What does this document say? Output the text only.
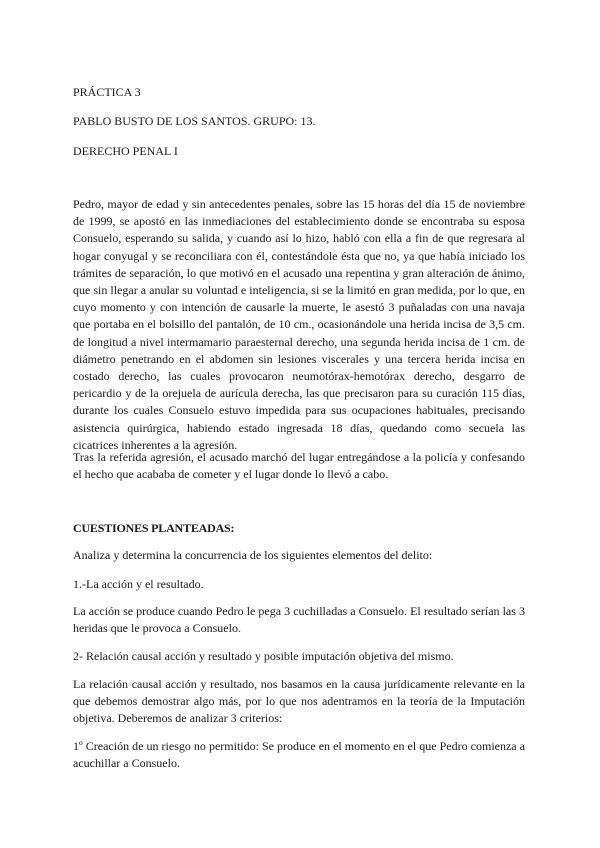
PRÁCTICA 3
PABLO BUSTO DE LOS SANTOS. GRUPO: 13.
DERECHO PENAL I

Pedro, mayor de edad y sin antecedentes penales, sobre las 15 horas del día 15 de noviembre de 1999, se apostó en las inmediaciones del establecimiento donde se encontraba su esposa Consuelo, esperando su salida, y cuando así lo hizo, habló con ella a fin de que regresara al hogar conyugal y se reconciliara con él, contestándole ésta que no, ya que había iniciado los trámites de separación, lo que motivó en el acusado una repentina y gran alteración de ánimo, que sin llegar a anular su voluntad e inteligencia, si se la limitó en gran medida, por lo que, en cuyo momento y con intención de causarle la muerte, le asestó 3 puñaladas con una navaja que portaba en el bolsillo del pantalón, de 10 cm., ocasionándole una herida incisa de 3,5 cm. de longitud a nivel intermamario paraesternal derecho, una segunda herida incisa de 1 cm. de diámetro penetrando en el abdomen sin lesiones viscerales y una tercera herida incisa en costado derecho, las cuales provocaron neumotórax-hemotórax derecho, desgarro de pericardio y de la orejuela de aurícula derecha, las que precisaron para su curación 115 días, durante los cuales Consuelo estuvo impedida para sus ocupaciones habituales, precisando asistencia quirúrgica, habiendo estado ingresada 18 días, quedando como secuela las cicatrices inherentes a la agresión.

Tras la referida agresión, el acusado marchó del lugar entregándose a la policía y confesando el hecho que acababa de cometer y el lugar donde lo llevó a cabo.

CUESTIONES PLANTEADAS:
Analiza y determina la concurrencia de los siguientes elementos del delito:
1.-La acción y el resultado.

La acción se produce cuando Pedro le pega 3 cuchilladas a Consuelo. El resultado serían las 3 heridas que le provoca a Consuelo.

2- Relación causal acción y resultado y posible imputación objetiva del mismo.

La relación causal acción y resultado, nos basamos en la causa jurídicamente relevante en la que debemos demostrar algo más, por lo que nos adentramos en la teoría de la Imputación objetiva. Deberemos de analizar 3 criterios:

1º Creación de un riesgo no permitido: Se produce en el momento en el que Pedro comienza a acuchillar a Consuelo.
